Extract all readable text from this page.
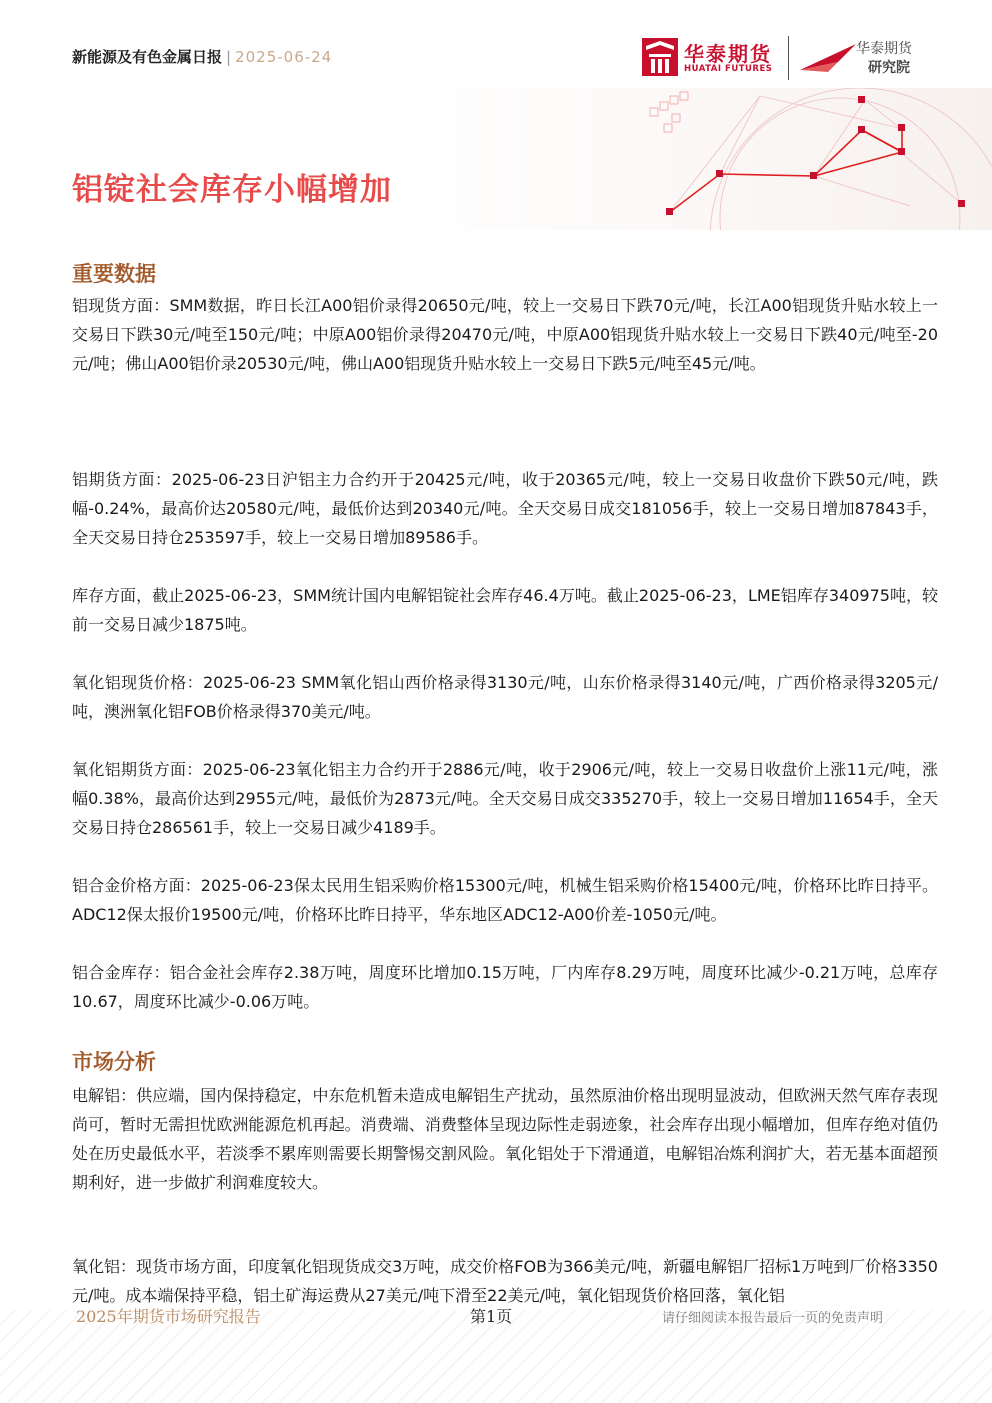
新能源及有色金属日报 | 2025-06-24	华泰期货
HUATAI FUTURES
华泰期货
研究院
铝锭社会库存小幅增加
重要数据
铝现货方面：SMM数据，昨日长江A00铝价录得20650元/吨，较上一交易日下跌70元/吨，长江A00铝现货升贴水较上一交易日下跌30元/吨至150元/吨；中原A00铝价录得20470元/吨，中原A00铝现货升贴水较上一交易日下跌40元/吨至-20元/吨；佛山A00铝价录20530元/吨，佛山A00铝现货升贴水较上一交易日下跌5元/吨至45元/吨。
铝期货方面：2025-06-23日沪铝主力合约开于20425元/吨，收于20365元/吨，较上一交易日收盘价下跌50元/吨，跌幅-0.24%，最高价达20580元/吨，最低价达到20340元/吨。全天交易日成交181056手，较上一交易日增加87843手，全天交易日持仓253597手，较上一交易日增加89586手。
库存方面，截止2025-06-23，SMM统计国内电解铝锭社会库存46.4万吨。截止2025-06-23，LME铝库存340975吨，较前一交易日减少1875吨。
氧化铝现货价格：2025-06-23 SMM氧化铝山西价格录得3130元/吨，山东价格录得3140元/吨，广西价格录得3205元/吨，澳洲氧化铝FOB价格录得370美元/吨。
氧化铝期货方面：2025-06-23氧化铝主力合约开于2886元/吨，收于2906元/吨，较上一交易日收盘价上涨11元/吨，涨幅0.38%，最高价达到2955元/吨，最低价为2873元/吨。全天交易日成交335270手，较上一交易日增加11654手，全天交易日持仓286561手，较上一交易日减少4189手。
铝合金价格方面：2025-06-23保太民用生铝采购价格15300元/吨，机械生铝采购价格15400元/吨，价格环比昨日持平。ADC12保太报价19500元/吨，价格环比昨日持平，华东地区ADC12-A00价差-1050元/吨。
铝合金库存：铝合金社会库存2.38万吨，周度环比增加0.15万吨，厂内库存8.29万吨，周度环比减少-0.21万吨，总库存10.67，周度环比减少-0.06万吨。
市场分析
电解铝：供应端，国内保持稳定，中东危机暂未造成电解铝生产扰动，虽然原油价格出现明显波动，但欧洲天然气库存表现尚可，暂时无需担忧欧洲能源危机再起。消费端、消费整体呈现边际性走弱迹象，社会库存出现小幅增加，但库存绝对值仍处在历史最低水平，若淡季不累库则需要长期警惕交割风险。氧化铝处于下滑通道，电解铝冶炼利润扩大，若无基本面超预期利好，进一步做扩利润难度较大。
氧化铝：现货市场方面，印度氧化铝现货成交3万吨，成交价格FOB为366美元/吨，新疆电解铝厂招标1万吨到厂价格3350元/吨。成本端保持平稳，铝土矿海运费从27美元/吨下滑至22美元/吨，氧化铝现货价格回落，氧化铝
2025年期货市场研究报告	第1页	请仔细阅读本报告最后一页的免责声明
